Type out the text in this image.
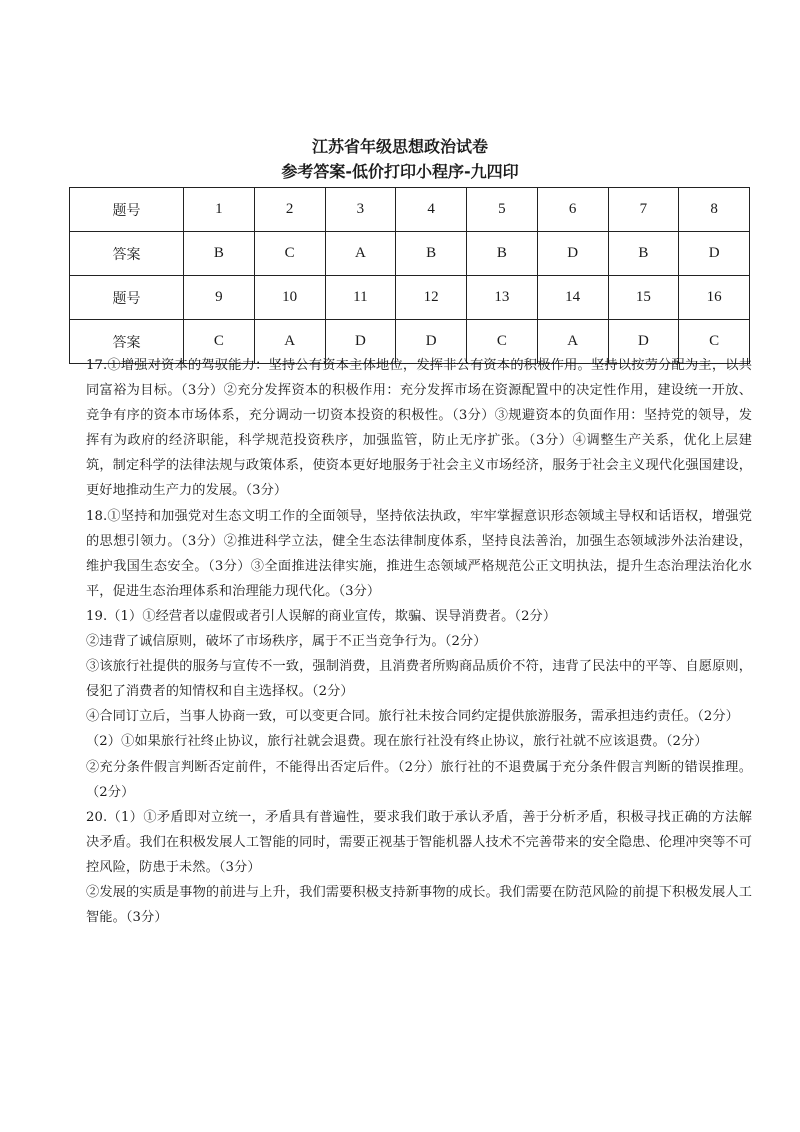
江苏省年级思想政治试卷
参考答案-低价打印小程序-九四印
题号	1	2	3	4	5	6	7	8
答案	B	C	A	B	B	D	B	D
题号	9	10	11	12	13	14	15	16
答案	C	A	D	D	C	A	D	C

17.①增强对资本的驾驭能力：坚持公有资本主体地位，发挥非公有资本的积极作用。坚持以按劳分配为主，以共同富裕为目标。（3分）②充分发挥资本的积极作用：充分发挥市场在资源配置中的决定性作用，建设统一开放、竞争有序的资本市场体系，充分调动一切资本投资的积极性。（3分）③规避资本的负面作用：坚持党的领导，发挥有为政府的经济职能，科学规范投资秩序，加强监管，防止无序扩张。（3分）④调整生产关系，优化上层建筑，制定科学的法律法规与政策体系，使资本更好地服务于社会主义市场经济，服务于社会主义现代化强国建设，更好地推动生产力的发展。（3分）

18.①坚持和加强党对生态文明工作的全面领导，坚持依法执政，牢牢掌握意识形态领域主导权和话语权，增强党的思想引领力。（3分）②推进科学立法，健全生态法律制度体系，坚持良法善治，加强生态领域涉外法治建设，维护我国生态安全。（3分）③全面推进法律实施，推进生态领域严格规范公正文明执法，提升生态治理法治化水平，促进生态治理体系和治理能力现代化。（3分）

19.（1）①经营者以虚假或者引人误解的商业宣传，欺骗、误导消费者。（2分）

②违背了诚信原则，破坏了市场秩序，属于不正当竞争行为。（2分）

③该旅行社提供的服务与宣传不一致，强制消费，且消费者所购商品质价不符，违背了民法中的平等、自愿原则，侵犯了消费者的知情权和自主选择权。（2分）

④合同订立后，当事人协商一致，可以变更合同。旅行社未按合同约定提供旅游服务，需承担违约责任。（2分）

（2）①如果旅行社终止协议，旅行社就会退费。现在旅行社没有终止协议，旅行社就不应该退费。（2分）

②充分条件假言判断否定前件，不能得出否定后件。（2分）旅行社的不退费属于充分条件假言判断的错误推理。（2分）

20.（1）①矛盾即对立统一，矛盾具有普遍性，要求我们敢于承认矛盾，善于分析矛盾，积极寻找正确的方法解决矛盾。我们在积极发展人工智能的同时，需要正视基于智能机器人技术不完善带来的安全隐患、伦理冲突等不可控风险，防患于未然。（3分）

②发展的实质是事物的前进与上升，我们需要积极支持新事物的成长。我们需要在防范风险的前提下积极发展人工智能。（3分）
